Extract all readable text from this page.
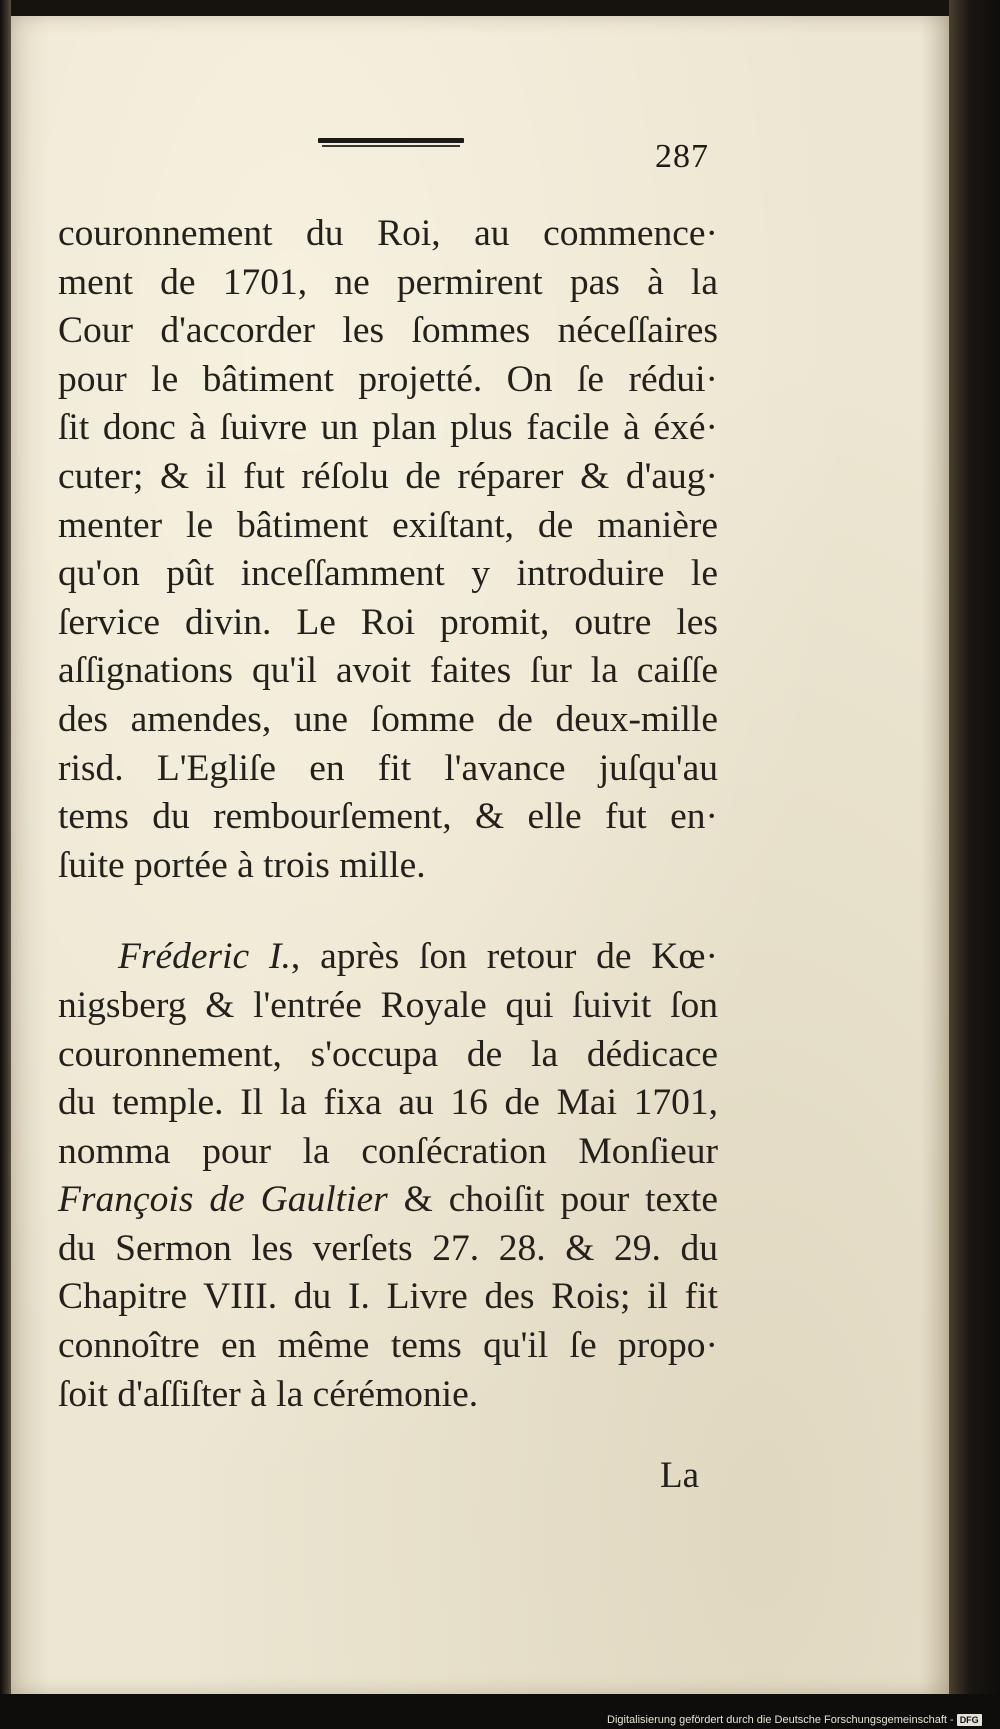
287
couronnement du Roi, au commence·
ment de 1701, ne permirent pas à la
Cour d'accorder les ſommes néceſſaires
pour le bâtiment projetté. On ſe rédui·
ſit donc à ſuivre un plan plus facile à éxé·
cuter; & il fut réſolu de réparer & d'aug·
menter le bâtiment exiſtant, de manière
qu'on pût inceſſamment y introduire le
ſervice divin. Le Roi promit, outre les
aſſignations qu'il avoit faites ſur la caiſſe
des amendes, une ſomme de deux-mille
risd. L'Egliſe en fit l'avance juſqu'au
tems du rembourſement, & elle fut en·
ſuite portée à trois mille.
Fréderic I., après ſon retour de Kœ·
nigsberg & l'entrée Royale qui ſuivit ſon
couronnement, s'occupa de la dédicace
du temple. Il la fixa au 16 de Mai 1701,
nomma pour la conſécration Monſieur
François de Gaultier & choiſit pour texte
du Sermon les verſets 27. 28. & 29. du
Chapitre VIII. du I. Livre des Rois; il fit
connoître en même tems qu'il ſe propo·
ſoit d'aſſiſter à la cérémonie.
La
Digitalisierung gefördert durch die Deutsche Forschungsgemeinschaft - DFG
